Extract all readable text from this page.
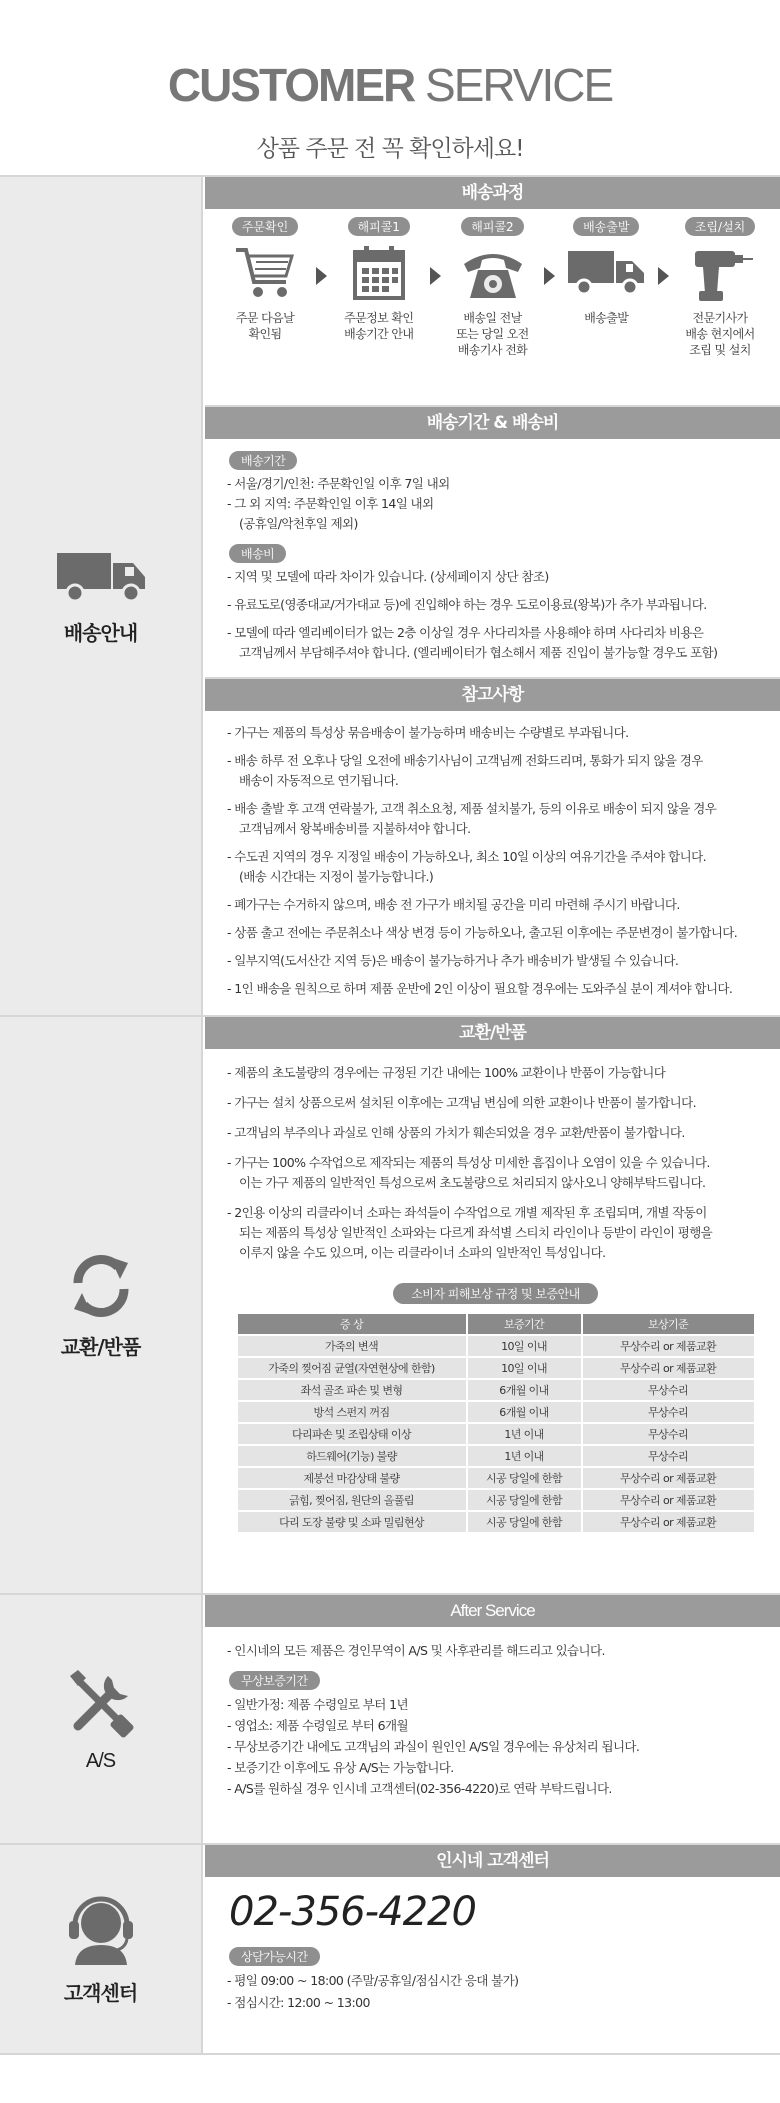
CUSTOMER SERVICE

상품 주문 전 꼭 확인하세요!

배송안내
배송과정
주문확인
주문 다음날
확인됨
해피콜1
주문정보 확인
배송기간 안내
해피콜2
배송일 전날
또는 당일 오전
배송기사 전화
배송출발
배송출발
조립/설치
전문기사가
배송 현지에서
조립 및 설치
배송기간 & 배송비
배송기간
- 서울/경기/인천: 주문확인일 이후 7일 내외
- 그 외 지역: 주문확인일 이후 14일 내외
(공휴일/악천후일 제외)
배송비
- 지역 및 모델에 따라 차이가 있습니다. (상세페이지 상단 참조)
- 유료도로(영종대교/거가대교 등)에 진입해야 하는 경우 도로이용료(왕복)가 추가 부과됩니다.
- 모델에 따라 엘리베이터가 없는 2층 이상일 경우 사다리차를 사용해야 하며 사다리차 비용은
고객님께서 부담해주셔야 합니다. (엘리베이터가 협소해서 제품 진입이 불가능할 경우도 포함)
참고사항
- 가구는 제품의 특성상 묶음배송이 불가능하며 배송비는 수량별로 부과됩니다.
- 배송 하루 전 오후나 당일 오전에 배송기사님이 고객님께 전화드리며, 통화가 되지 않을 경우
배송이 자동적으로 연기됩니다.
- 배송 출발 후 고객 연락불가, 고객 취소요청, 제품 설치불가, 등의 이유로 배송이 되지 않을 경우
고객님께서 왕복배송비를 지불하셔야 합니다.
- 수도권 지역의 경우 지정일 배송이 가능하오나, 최소 10일 이상의 여유기간을 주셔야 합니다.
(배송 시간대는 지정이 불가능합니다.)
- 폐가구는 수거하지 않으며, 배송 전 가구가 배치될 공간을 미리 마련해 주시기 바랍니다.
- 상품 출고 전에는 주문취소나 색상 변경 등이 가능하오나, 출고된 이후에는 주문변경이 불가합니다.
- 일부지역(도서산간 지역 등)은 배송이 불가능하거나 추가 배송비가 발생될 수 있습니다.
- 1인 배송을 원칙으로 하며 제품 운반에 2인 이상이 필요할 경우에는 도와주실 분이 계셔야 합니다.
교환/반품
교환/반품
- 제품의 초도불량의 경우에는 규정된 기간 내에는 100% 교환이나 반품이 가능합니다
- 가구는 설치 상품으로써 설치된 이후에는 고객님 변심에 의한 교환이나 반품이 불가합니다.
- 고객님의 부주의나 과실로 인해 상품의 가치가 훼손되었을 경우 교환/반품이 불가합니다.
- 가구는 100% 수작업으로 제작되는 제품의 특성상 미세한 흠집이나 오염이 있을 수 있습니다.
이는 가구 제품의 일반적인 특성으로써 초도불량으로 처리되지 않사오니 양해부탁드립니다.
- 2인용 이상의 리클라이너 소파는 좌석들이 수작업으로 개별 제작된 후 조립되며, 개별 작동이
되는 제품의 특성상 일반적인 소파와는 다르게 좌석별 스티치 라인이나 등받이 라인이 평행을
이루지 않을 수도 있으며, 이는 리클라이너 소파의 일반적인 특성입니다.
소비자 피해보상 규정 및 보증안내
증 상	보증기간	보상기준
가죽의 변색	10일 이내	무상수리 or 제품교환
가죽의 찢어짐 균열(자연현상에 한함)	10일 이내	무상수리 or 제품교환
좌석 골조 파손 및 변형	6개월 이내	무상수리
방석 스펀지 꺼짐	6개월 이내	무상수리
다리파손 및 조립상태 이상	1년 이내	무상수리
하드웨어(기능) 불량	1년 이내	무상수리
제봉선 마감상태 불량	시공 당일에 한함	무상수리 or 제품교환
긁힘, 찢어짐, 원단의 올풀림	시공 당일에 한함	무상수리 or 제품교환
다리 도장 불량 및 소파 밀림현상	시공 당일에 한함	무상수리 or 제품교환
A/S
After Service
- 인시네의 모든 제품은 경인무역이 A/S 및 사후관리를 해드리고 있습니다.
무상보증기간
- 일반가정: 제품 수령일로 부터 1년
- 영업소: 제품 수령일로 부터 6개월
- 무상보증기간 내에도 고객님의 과실이 원인인 A/S일 경우에는 유상처리 됩니다.
- 보증기간 이후에도 유상 A/S는 가능합니다.
- A/S를 원하실 경우 인시네 고객센터(02-356-4220)로 연락 부탁드립니다.
고객센터
인시네 고객센터
02-356-4220
상담가능시간
- 평일 09:00 ~ 18:00 (주말/공휴일/점심시간 응대 불가)
- 점심시간: 12:00 ~ 13:00
